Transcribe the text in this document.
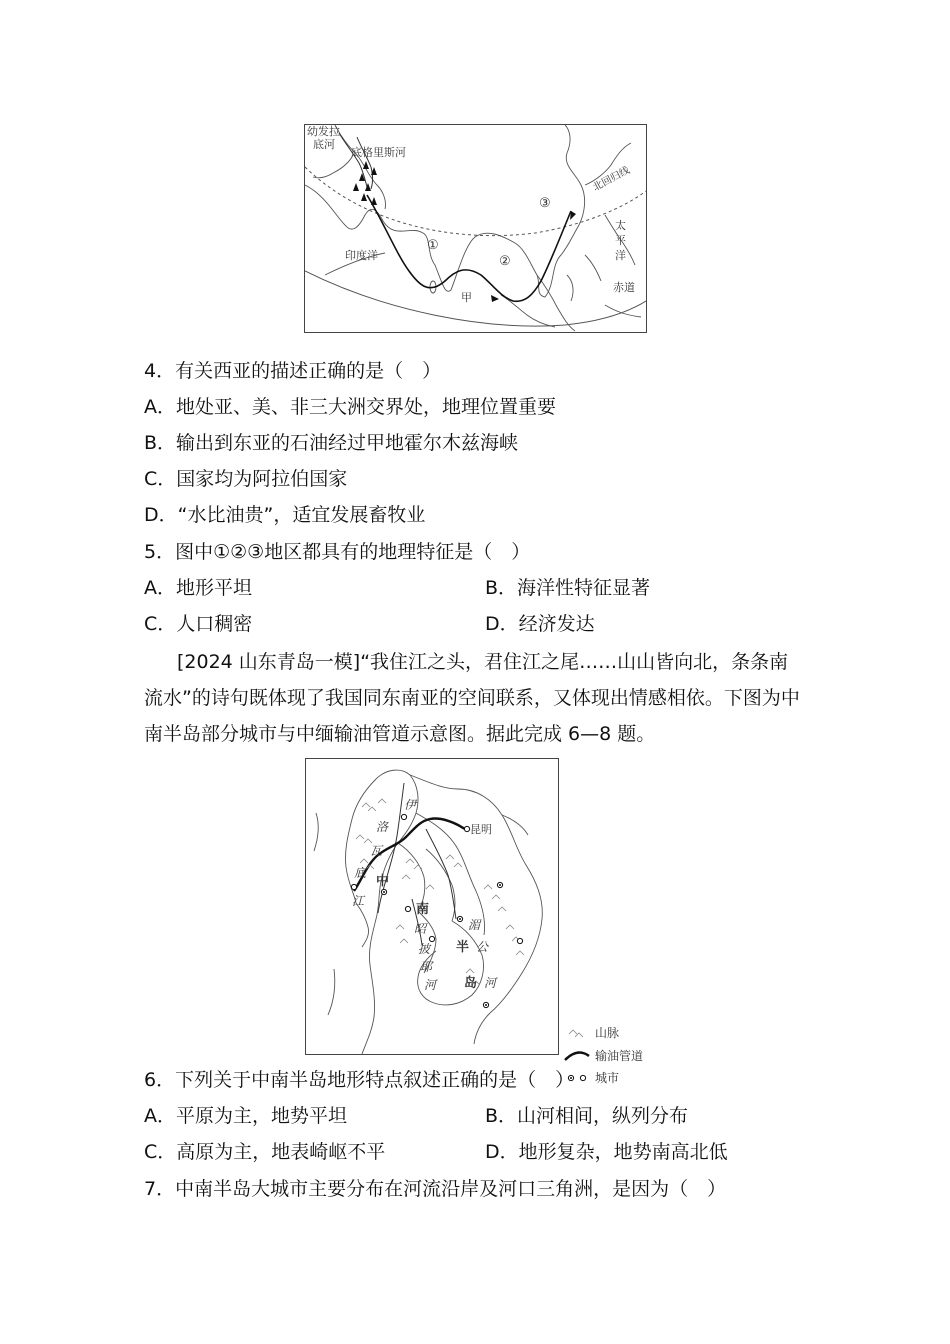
幼发拉
底河
底格里斯河
北回归线
印度洋
太
平
洋
赤道
甲
①
②
③
4．有关西亚的描述正确的是（　）
A．地处亚、美、非三大洲交界处，地理位置重要
B．输出到东亚的石油经过甲地霍尔木兹海峡
C．国家均为阿拉伯国家
D．“水比油贵”，适宜发展畜牧业
5．图中①②③地区都具有的地理特征是（　）
A．地形平坦	B．海洋性特征显著
C．人口稠密	D．经济发达
[2024 山东青岛一模]“我住江之头，君住江之尾……山山皆向北，条条南
流水”的诗句既体现了我国同东南亚的空间联系，又体现出情感相依。下图为中
南半岛部分城市与中缅输油管道示意图。据此完成 6—8 题。
昆明
伊
洛
瓦
底
江
中
南
昭
披
耶
河
半
岛
湄
公
河
山脉
输油管道
城市
6．下列关于中南半岛地形特点叙述正确的是（　）
A．平原为主，地势平坦	B．山河相间，纵列分布
C．高原为主，地表崎岖不平	D．地形复杂，地势南高北低
7．中南半岛大城市主要分布在河流沿岸及河口三角洲，是因为（　）
